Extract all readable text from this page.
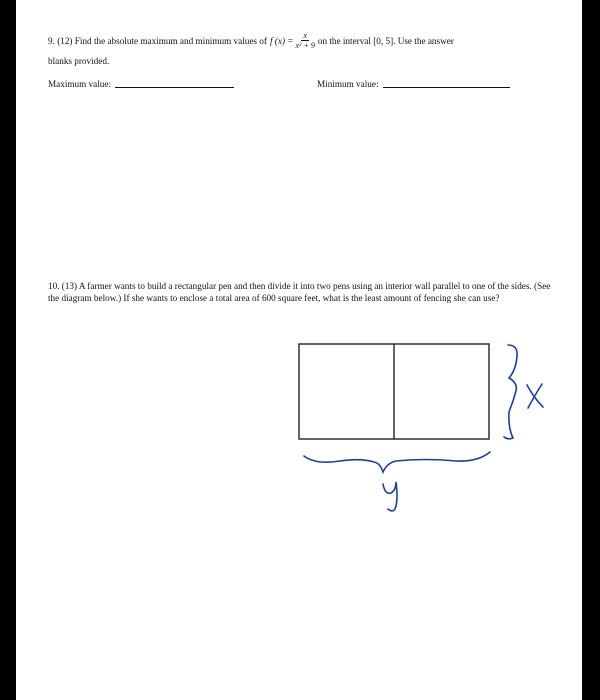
9. (12) Find the absolute maximum and minimum values of f $(x) = \frac{x}{\text{x² + 9}}$ on the interval [0, 5]. Use the answer
blanks provided.
Maximum value:	Minimum value:
10. (13) A farmer wants to build a rectangular pen and then divide it into two pens using an interior wall parallel to one of the sides. (See the diagram below.) If she wants to enclose a total area of 600 square feet, what is the least amount of fencing she can use?
